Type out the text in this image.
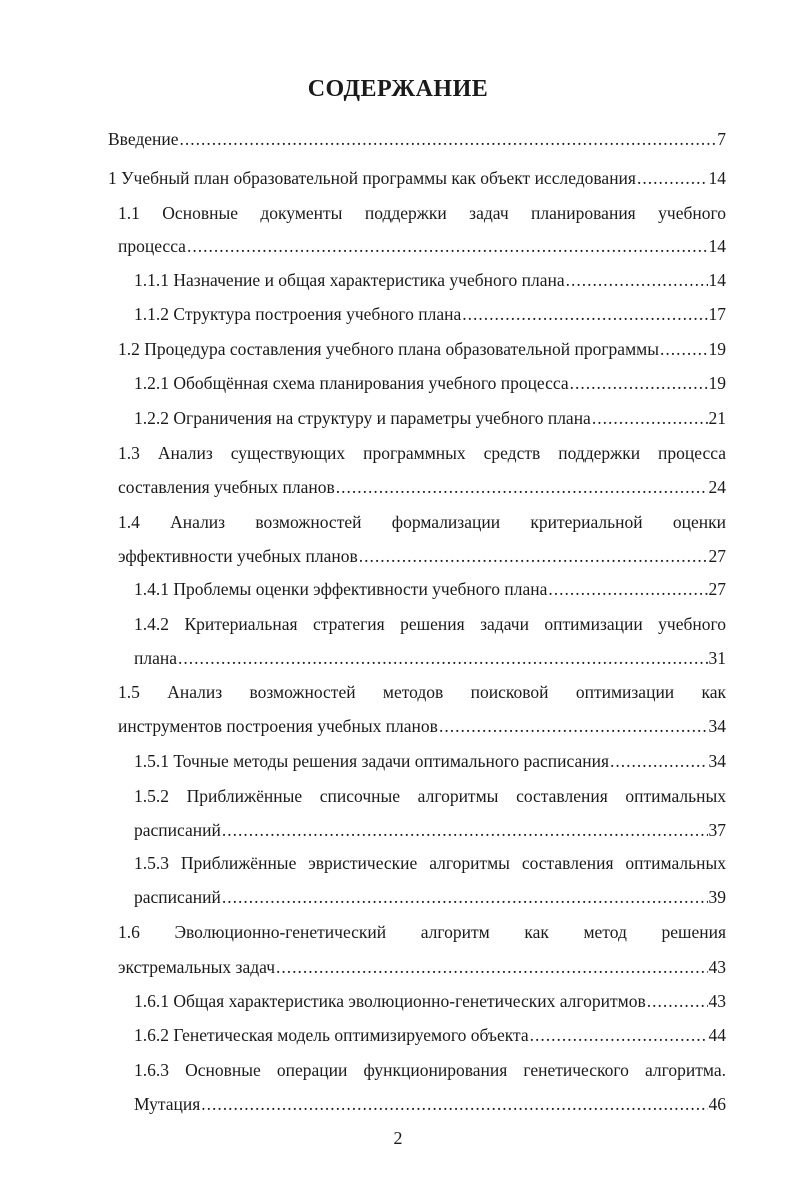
СОДЕРЖАНИЕ
Введение .....	7
1 Учебный план образовательной программы как объект исследования .....	14
1.1 Основные документы поддержки задач планирования учебного
процесса .....	14
1.1.1 Назначение и общая характеристика учебного плана .....	14
1.1.2 Структура построения учебного плана .....	17
1.2 Процедура составления учебного плана образовательной программы .....	19
1.2.1 Обобщённая схема планирования учебного процесса .....	19
1.2.2 Ограничения на структуру и параметры учебного плана .....	21
1.3 Анализ существующих программных средств поддержки процесса
составления учебных планов .....	24
1.4 Анализ возможностей формализации критериальной оценки
эффективности учебных планов .....	27
1.4.1 Проблемы оценки эффективности учебного плана .....	27
1.4.2 Критериальная стратегия решения задачи оптимизации учебного
плана .....	31
1.5 Анализ возможностей методов поисковой оптимизации как
инструментов построения учебных планов .....	34
1.5.1 Точные методы решения задачи оптимального расписания .....	34
1.5.2 Приближённые списочные алгоритмы составления оптимальных
расписаний .....	37
1.5.3 Приближённые эвристические алгоритмы составления оптимальных
расписаний .....	39
1.6 Эволюционно-генетический алгоритм как метод решения
экстремальных задач .....	43
1.6.1 Общая характеристика эволюционно-генетических алгоритмов .....	43
1.6.2 Генетическая модель оптимизируемого объекта .....	44
1.6.3 Основные операции функционирования генетического алгоритма.
Мутация .....	46
2
